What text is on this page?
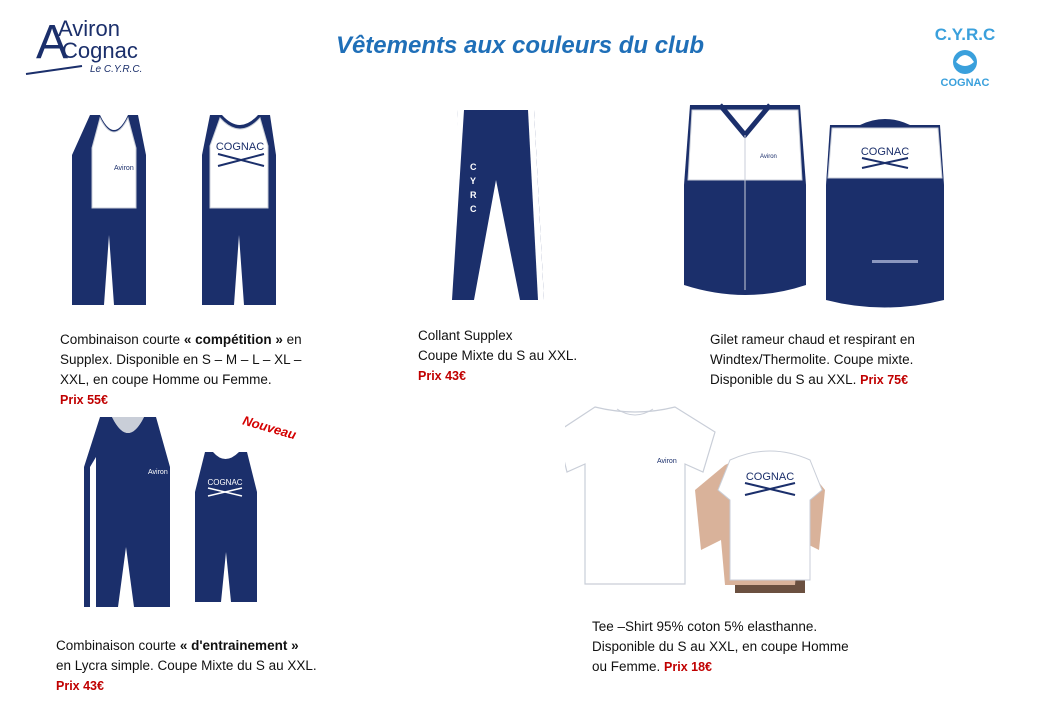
A
Aviron
Cognac
Le C.Y.R.C.
Vêtements aux couleurs du club	C.Y.R.C
COGNAC
Aviron
COGNAC
Combinaison courte « compétition » en
Supplex. Disponible en S – M – L – XL –
XXL, en coupe Homme ou Femme.
Prix 55€
C
Y
R
C
Collant Supplex
Coupe Mixte du S au XXL.
Prix 43€
Aviron	COGNAC
Gilet rameur chaud et respirant en
Windtex/Thermolite. Coupe mixte.
Disponible du S au XXL. Prix 75€
Nouveau
Aviron
COGNAC
Combinaison courte « d'entrainement »
en Lycra simple. Coupe Mixte du S au XXL.
Prix 43€
Aviron
COGNAC
Tee –Shirt 95% coton 5% elasthanne.
Disponible du S au XXL, en coupe Homme
ou Femme. Prix 18€
